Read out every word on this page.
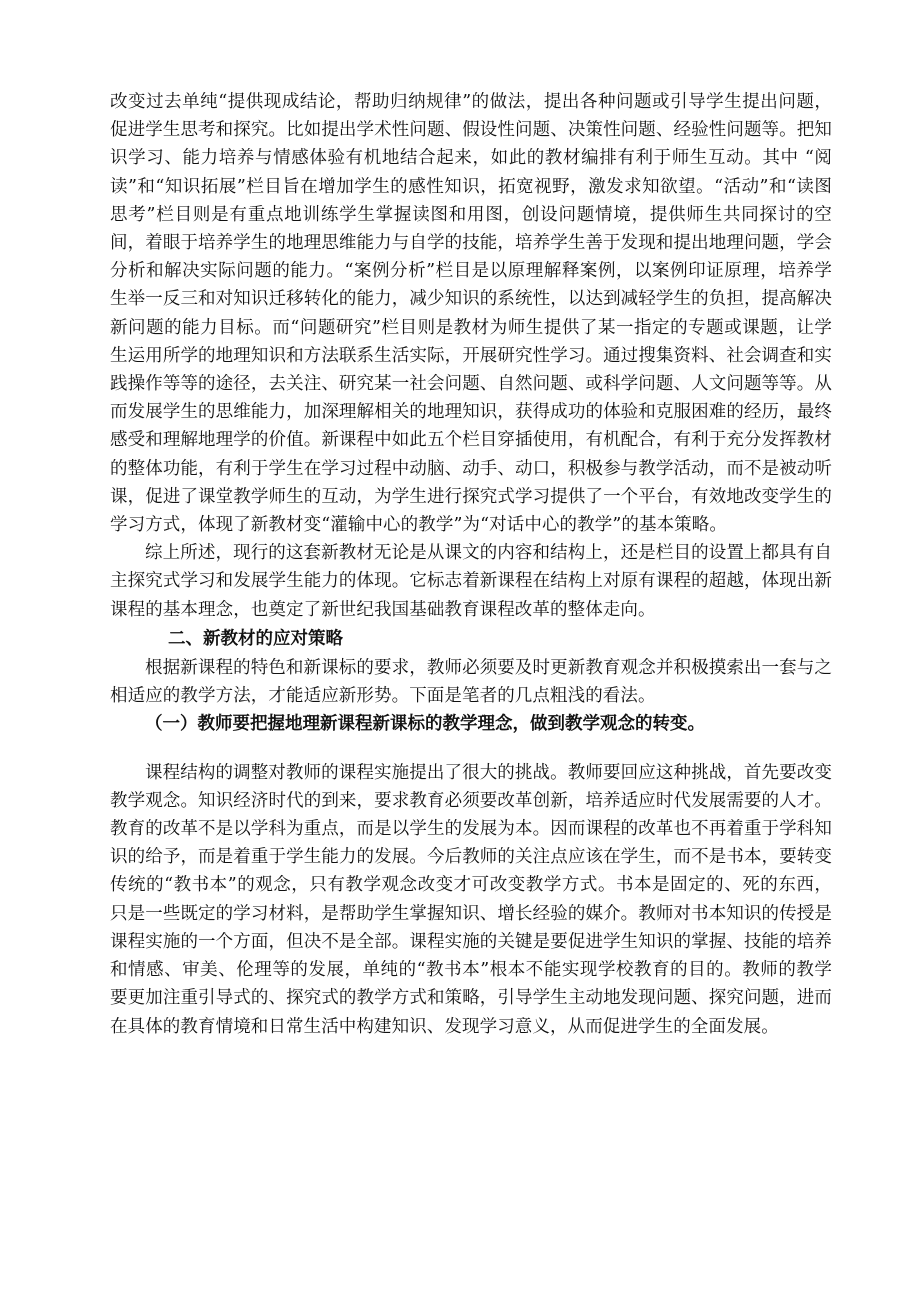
改变过去单纯“提供现成结论，帮助归纳规律”的做法，提出各种问题或引导学生提出问题，促进学生思考和探究。比如提出学术性问题、假设性问题、决策性问题、经验性问题等。把知识学习、能力培养与情感体验有机地结合起来，如此的教材编排有利于师生互动。其中 “阅读”和“知识拓展”栏目旨在增加学生的感性知识，拓宽视野，激发求知欲望。“活动”和“读图思考”栏目则是有重点地训练学生掌握读图和用图，创设问题情境，提供师生共同探讨的空间，着眼于培养学生的地理思维能力与自学的技能，培养学生善于发现和提出地理问题，学会分析和解决实际问题的能力。“案例分析”栏目是以原理解释案例，以案例印证原理，培养学生举一反三和对知识迁移转化的能力，减少知识的系统性，以达到减轻学生的负担，提高解决新问题的能力目标。而“问题研究”栏目则是教材为师生提供了某一指定的专题或课题，让学生运用所学的地理知识和方法联系生活实际，开展研究性学习。通过搜集资料、社会调查和实践操作等等的途径，去关注、研究某一社会问题、自然问题、或科学问题、人文问题等等。从而发展学生的思维能力，加深理解相关的地理知识，获得成功的体验和克服困难的经历，最终感受和理解地理学的价值。新课程中如此五个栏目穿插使用，有机配合，有利于充分发挥教材的整体功能，有利于学生在学习过程中动脑、动手、动口，积极参与教学活动，而不是被动听课，促进了课堂教学师生的互动，为学生进行探究式学习提供了一个平台，有效地改变学生的学习方式，体现了新教材变“灌输中心的教学”为“对话中心的教学”的基本策略。

综上所述，现行的这套新教材无论是从课文的内容和结构上，还是栏目的设置上都具有自主探究式学习和发展学生能力的体现。它标志着新课程在结构上对原有课程的超越，体现出新课程的基本理念，也奠定了新世纪我国基础教育课程改革的整体走向。

二、新教材的应对策略

根据新课程的特色和新课标的要求，教师必须要及时更新教育观念并积极摸索出一套与之相适应的教学方法，才能适应新形势。下面是笔者的几点粗浅的看法。

（一）教师要把握地理新课程新课标的教学理念，做到教学观念的转变。

课程结构的调整对教师的课程实施提出了很大的挑战。教师要回应这种挑战，首先要改变教学观念。知识经济时代的到来，要求教育必须要改革创新，培养适应时代发展需要的人才。教育的改革不是以学科为重点，而是以学生的发展为本。因而课程的改革也不再着重于学科知识的给予，而是着重于学生能力的发展。今后教师的关注点应该在学生，而不是书本，要转变传统的“教书本”的观念，只有教学观念改变才可改变教学方式。书本是固定的、死的东西，只是一些既定的学习材料，是帮助学生掌握知识、增长经验的媒介。教师对书本知识的传授是课程实施的一个方面，但决不是全部。课程实施的关键是要促进学生知识的掌握、技能的培养和情感、审美、伦理等的发展，单纯的“教书本”根本不能实现学校教育的目的。教师的教学要更加注重引导式的、探究式的教学方式和策略，引导学生主动地发现问题、探究问题，进而在具体的教育情境和日常生活中构建知识、发现学习意义，从而促进学生的全面发展。
